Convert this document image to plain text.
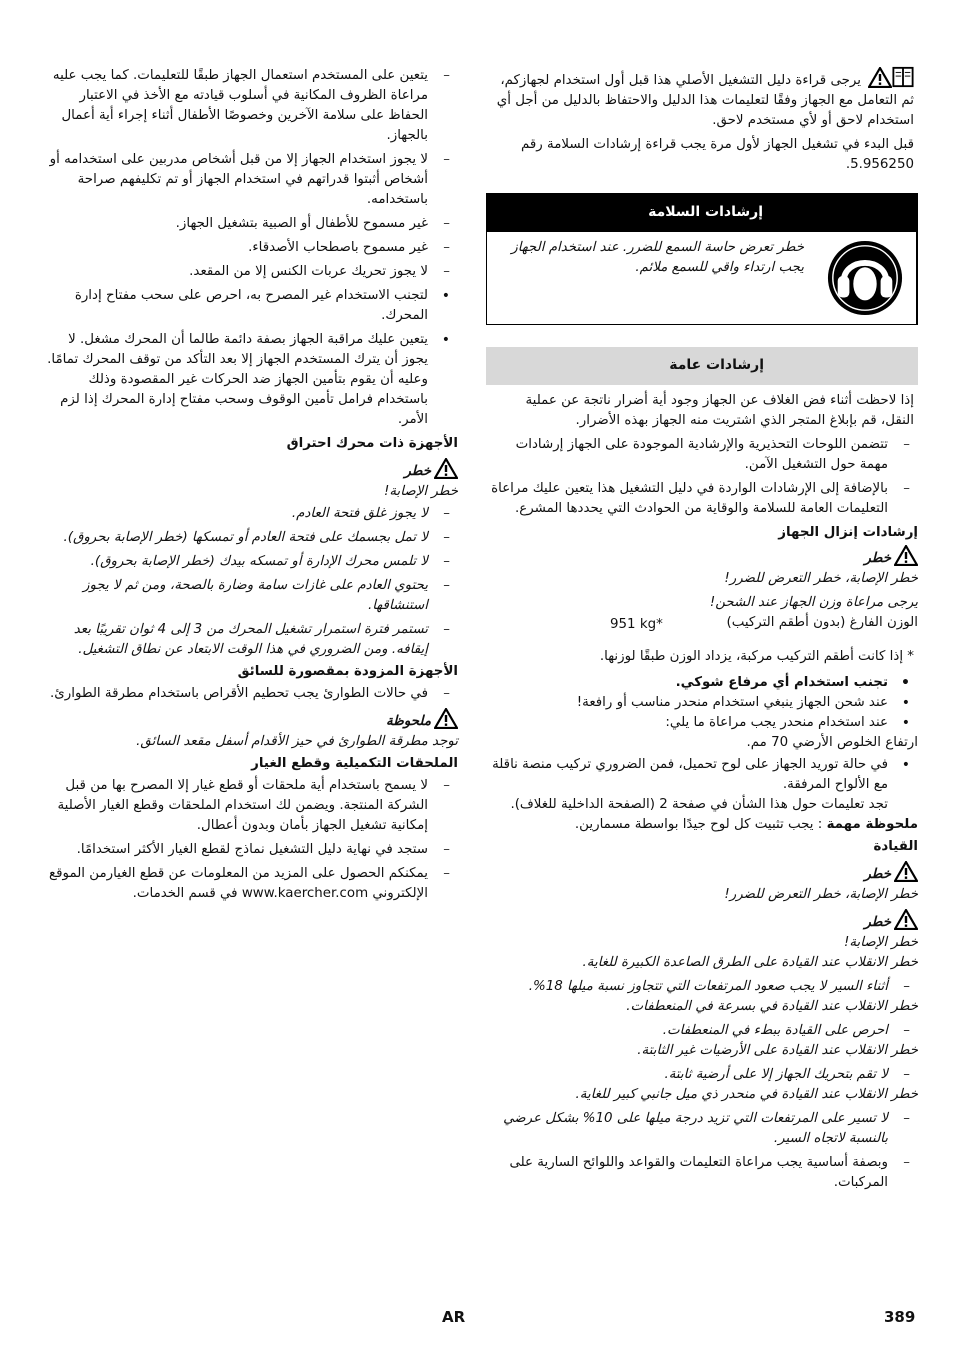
يرجى قراءة دليل التشغيل الأصلي هذا قبل أول استخدام لجهازكم، ثم التعامل مع الجهاز وفقًا لتعليمات هذا الدليل والاحتفاظ بالدليل من أجل أي استخدام لاحق أو لأي مستخدم لاحق.

قبل البدء في تشغيل الجهاز لأول مرة يجب قراءة إرشادات السلامة رقم 5.956250.

إرشادات السلامة
خطر تعرض حاسة السمع للضرر. عند استخدام الجهاز يجب ارتداء واقي للسمع ملائم.
إرشادات عامة

إذا لاحظت أثناء فض الغلاف عن الجهاز وجود أية أضرار ناتجة عن عملية النقل، قم بإبلاغ المتجر الذي اشتريت منه الجهاز بهذه الأضرار.

– تتضمن اللوحات التحذيرية والإرشادية الموجودة على الجهاز إرشادات مهمة حول التشغيل الآمن.

– بالإضافة إلى الإرشادات الواردة في دليل التشغيل هذا يتعين عليك مراعاة التعليمات العامة للسلامة والوقاية من الحوادث التي يحددها المشرع.

إرشادات إنزال الجهاز

خطر

خطر الإصابة، خطر التعرض للضرر!

يرجى مراعاة وزن الجهاز عند الشحن!

الوزن الفارغ (بدون أطقم التركيب)
951 kg*

* إذا كانت أطقم التركيب مركبة، يزداد الوزن طبقًا لوزنها.

• تجنب استخدام أي مرفاع شوكي.

• عند شحن الجهاز ينبغي استخدام منحدر مناسب أو رافعة!

• عند استخدام منحدر يجب مراعاة ما يلي:

ارتفاع الخلوص الأرضي 70 مم.

• في حالة توريد الجهاز على لوح تحميل، فمن الضروري تركيب منصة ناقلة مع الألواح المرفقة.

تجد تعليمات حول هذا الشأن في صفحة 2 (الصفحة الداخلية للغلاف).

ملحوظة مهمة : يجب تثبيت كل لوح جيدًا بواسطة مسمارين.

القيادة

خطر

خطر الإصابة، خطر التعرض للضرر!

خطر

خطر الإصابة!

خطر الانقلاب عند القيادة على الطرق الصاعدة الكبيرة للغاية.

– أثناء السير لا يجب صعود المرتفعات التي تتجاوز نسبة ميلها 18%.

خطر الانقلاب عند القيادة في بسرعة في المنعطفات.

– احرص على القيادة ببطء في المنعطفات.

خطر الانقلاب عند القيادة على الأرضيات غير الثابتة.

– لا تقم بتحريك الجهاز إلا على أرضية ثابتة.

خطر الانقلاب عند القيادة في منحدر ذي ميل جانبي كبير للغاية.

– لا تسير على المرتفعات التي تزيد درجة ميلها على 10% بشكل عرضي بالنسبة لاتجاه السير.

– وبصفة أساسية يجب مراعاة التعليمات والقواعد واللوائح السارية على المركبات.

– يتعين على المستخدم استعمال الجهاز طبقًا للتعليمات. كما يجب عليه مراعاة الظروف المكانية في أسلوب قيادته مع الأخذ في الاعتبار الحفاظ على سلامة الآخرين وخصوصًا الأطفال أثناء إجراء أية أعمال بالجهاز.

– لا يجوز استخدام الجهاز إلا من قبل أشخاص مدربين على استخدامه أو أشخاص أثبتوا قدراتهم في استخدام الجهاز أو تم تكليفهم صراحة باستخدامه.

– غير مسموح للأطفال أو الصبية بتشغيل الجهاز.

– غير مسموح باصطحاب الأصدقاء.

– لا يجوز تحريك عربات الكنس إلا من المقعد.

• لتجنب الاستخدام غير المصرح به، احرص على سحب مفتاح إدارة المحرك.

• يتعين عليك مراقبة الجهاز بصفة دائمة طالما أن المحرك مشغل. لا يجوز أن يترك المستخدم الجهاز إلا بعد التأكد من توقف المحرك تمامًا. وعليه أن يقوم بتأمين الجهاز ضد الحركات غير المقصودة وذلك باستخدام فرامل تأمين الوقوف وسحب مفتاح إدارة المحرك إذا لزم الأمر.

الأجهزة ذات محرك احتراق

خطر

خطر الإصابة!

– لا يجوز غلق فتحة العادم.

– لا تمل بجسمك على فتحة العادم أو تمسكها (خطر الإصابة بحروق).

– لا تلمس محرك الإدارة أو تمسكه بيدك (خطر الإصابة بحروق).

– يحتوي العادم على غازات سامة وضارة بالصحة، ومن ثم لا يجوز استنشاقها.

– تستمر فترة استمرار تشغيل المحرك من 3 إلى 4 ثوان تقريبًا بعد إيقافه. ومن الضروري في هذا الوقت الابتعاد عن نطاق التشغيل.

الأجهزة المزودة بمقصورة للسائق

– في حالات الطوارئ يجب تحطيم الأقراص باستخدام مطرقة الطوارئ.

ملحوظة

توجد مطرقة الطوارئ في حيز الأقدام أسفل مقعد السائق.

الملحقات التكميلية وقطع الغيار

– لا يسمح باستخدام أية ملحقات أو قطع غيار إلا المصرح بها من قبل الشركة المنتجة. ويضمن لك استخدام الملحقات وقطع الغيار الأصلية إمكانية تشغيل الجهاز بأمان وبدون أعطال.

– ستجد في نهاية دليل التشغيل نماذج لقطع الغيار الأكثر استخدامًا.

– يمكنكم الحصول على المزيد من المعلومات عن قطع الغيارمن الموقع الإلكتروني www.kaercher.com في قسم الخدمات.

AR	389
